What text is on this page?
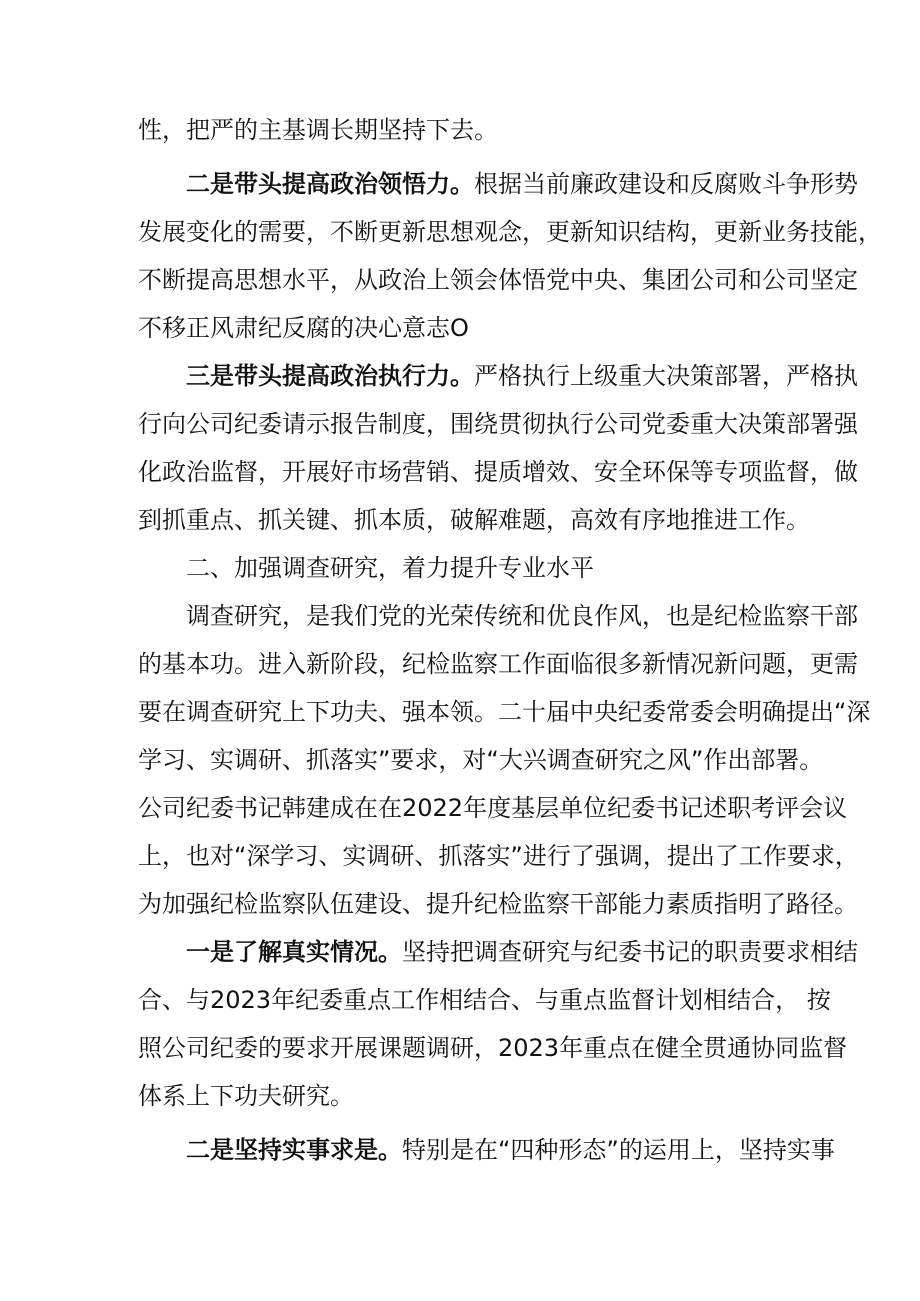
性，把严的主基调长期坚持下去。
二是带头提高政治领悟力。根据当前廉政建设和反腐败斗争形势
发展变化的需要，不断更新思想观念，更新知识结构，更新业务技能，
不断提高思想水平，从政治上领会体悟党中央、集团公司和公司坚定
不移正风肃纪反腐的决心意志O
三是带头提高政治执行力。严格执行上级重大决策部署，严格执
行向公司纪委请示报告制度，围绕贯彻执行公司党委重大决策部署强
化政治监督，开展好市场营销、提质增效、安全环保等专项监督，做
到抓重点、抓关键、抓本质，破解难题，高效有序地推进工作。
二、加强调查研究，着力提升专业水平
调查研究，是我们党的光荣传统和优良作风，也是纪检监察干部
的基本功。进入新阶段，纪检监察工作面临很多新情况新问题，更需
要在调查研究上下功夫、强本领。二十届中央纪委常委会明确提出“深
学习、实调研、抓落实”要求，对“大兴调查研究之风”作出部署。
公司纪委书记韩建成在在2022年度基层单位纪委书记述职考评会议
上，也对“深学习、实调研、抓落实”进行了强调，提出了工作要求，
为加强纪检监察队伍建设、提升纪检监察干部能力素质指明了路径。
一是了解真实情况。坚持把调查研究与纪委书记的职责要求相结
合、与2023年纪委重点工作相结合、与重点监督计划相结合， 按
照公司纪委的要求开展课题调研，2023年重点在健全贯通协同监督
体系上下功夫研究。
二是坚持实事求是。特别是在“四种形态”的运用上，坚持实事
